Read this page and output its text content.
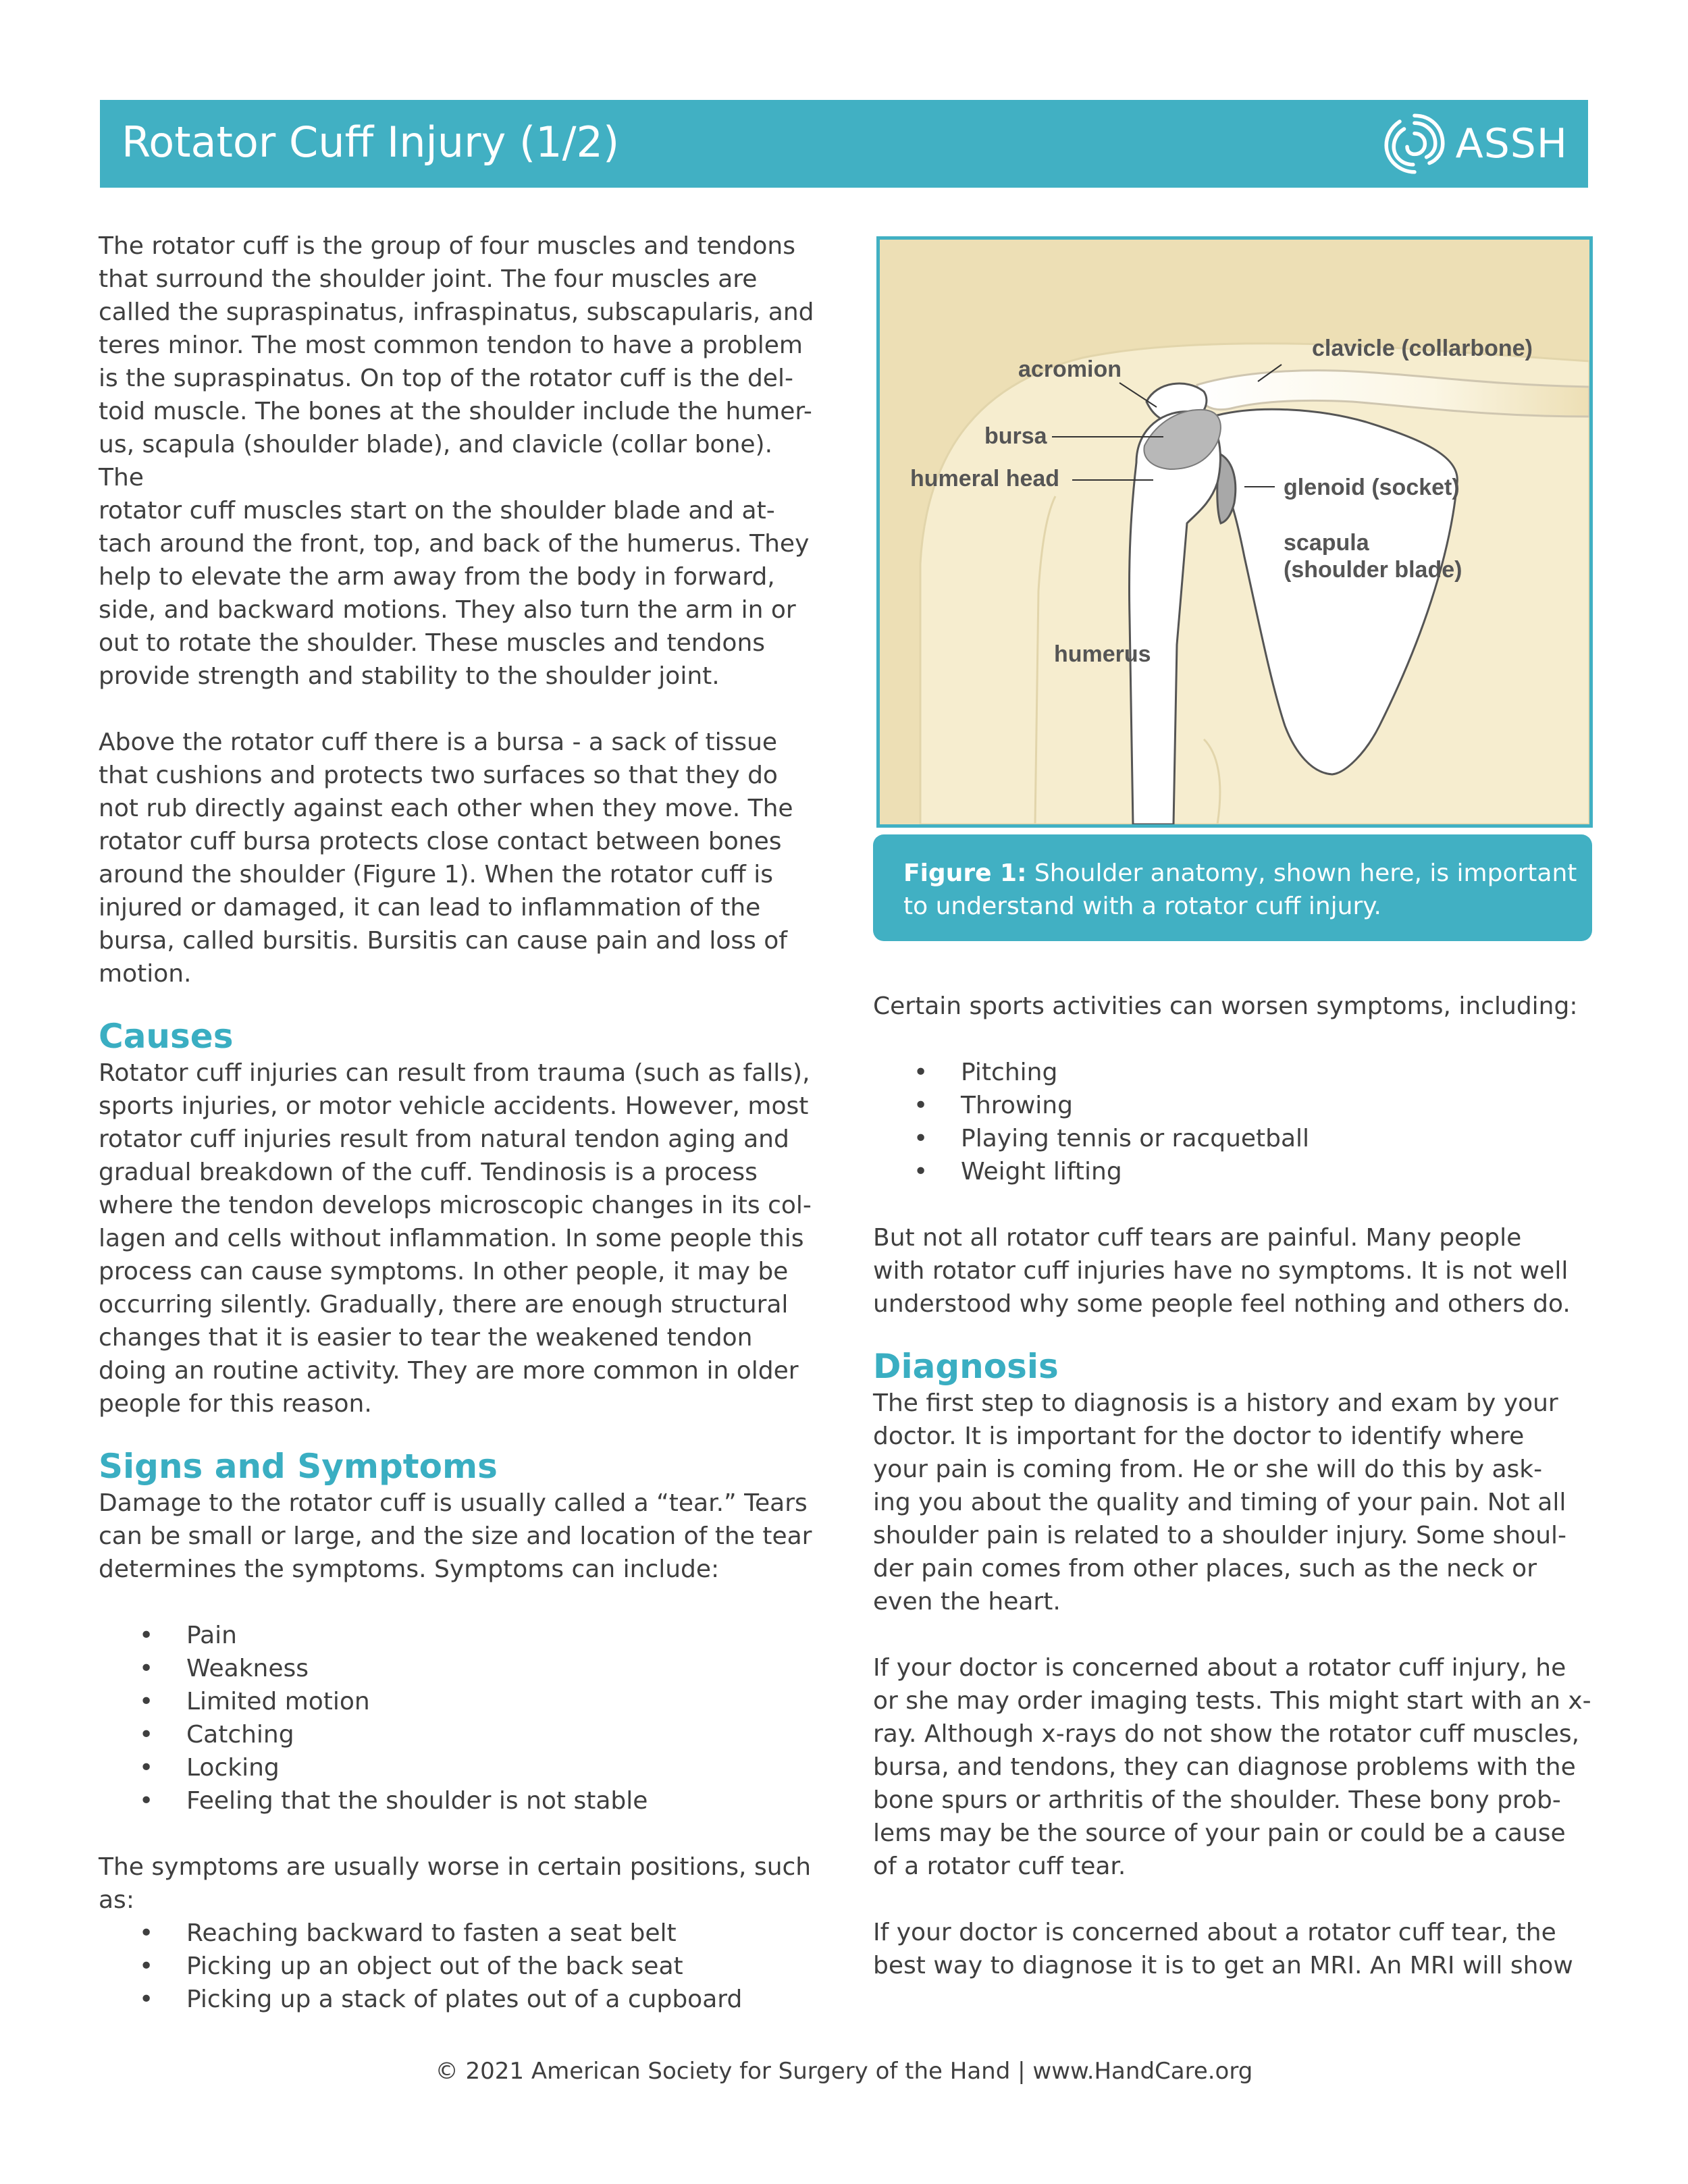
Rotator Cuff Injury (1/2)	ASSH

The rotator cuff is the group of four muscles and tendons

that surround the shoulder joint. The four muscles are

called the supraspinatus, infraspinatus, subscapularis, and

teres minor. The most common tendon to have a problem

is the supraspinatus. On top of the rotator cuff is the del-

toid muscle. The bones at the shoulder include the humer-

us, scapula (shoulder blade), and clavicle (collar bone). The

rotator cuff muscles start on the shoulder blade and at-

tach around the front, top, and back of the humerus. They

help to elevate the arm away from the body in forward,

side, and backward motions. They also turn the arm in or

out to rotate the shoulder. These muscles and tendons

provide strength and stability to the shoulder joint.

Above the rotator cuff there is a bursa - a sack of tissue

that cushions and protects two surfaces so that they do

not rub directly against each other when they move. The

rotator cuff bursa protects close contact between bones

around the shoulder (Figure 1). When the rotator cuff is

injured or damaged, it can lead to inflammation of the

bursa, called bursitis. Bursitis can cause pain and loss of

motion.

Causes

Rotator cuff injuries can result from trauma (such as falls),

sports injuries, or motor vehicle accidents. However, most

rotator cuff injuries result from natural tendon aging and

gradual breakdown of the cuff. Tendinosis is a process

where the tendon develops microscopic changes in its col-

lagen and cells without inflammation. In some people this

process can cause symptoms. In other people, it may be

occurring silently. Gradually, there are enough structural

changes that it is easier to tear the weakened tendon

doing an routine activity. They are more common in older

people for this reason.

Signs and Symptoms

Damage to the rotator cuff is usually called a “tear.” Tears

can be small or large, and the size and location of the tear

determines the symptoms. Symptoms can include:

• Pain
• Weakness
• Limited motion
• Catching
• Locking
• Feeling that the shoulder is not stable

The symptoms are usually worse in certain positions, such

as:

• Reaching backward to fasten a seat belt
• Picking up an object out of the back seat
• Picking up a stack of plates out of a cupboard
acromion
clavicle (collarbone)
bursa
humeral head	glenoid (socket)
scapula
(shoulder blade)
humerus
Figure 1: Shoulder anatomy, shown here, is important
to understand with a rotator cuff injury.

Certain sports activities can worsen symptoms, including:

• Pitching
• Throwing
• Playing tennis or racquetball
• Weight lifting

But not all rotator cuff tears are painful. Many people

with rotator cuff injuries have no symptoms. It is not well

understood why some people feel nothing and others do.

Diagnosis

The first step to diagnosis is a history and exam by your

doctor. It is important for the doctor to identify where

your pain is coming from. He or she will do this by ask-

ing you about the quality and timing of your pain. Not all

shoulder pain is related to a shoulder injury. Some shoul-

der pain comes from other places, such as the neck or

even the heart.

If your doctor is concerned about a rotator cuff injury, he

or she may order imaging tests. This might start with an x-

ray. Although x-rays do not show the rotator cuff muscles,

bursa, and tendons, they can diagnose problems with the

bone spurs or arthritis of the shoulder. These bony prob-

lems may be the source of your pain or could be a cause

of a rotator cuff tear.

If your doctor is concerned about a rotator cuff tear, the

best way to diagnose it is to get an MRI. An MRI will show

© 2021 American Society for Surgery of the Hand | www.HandCare.org
